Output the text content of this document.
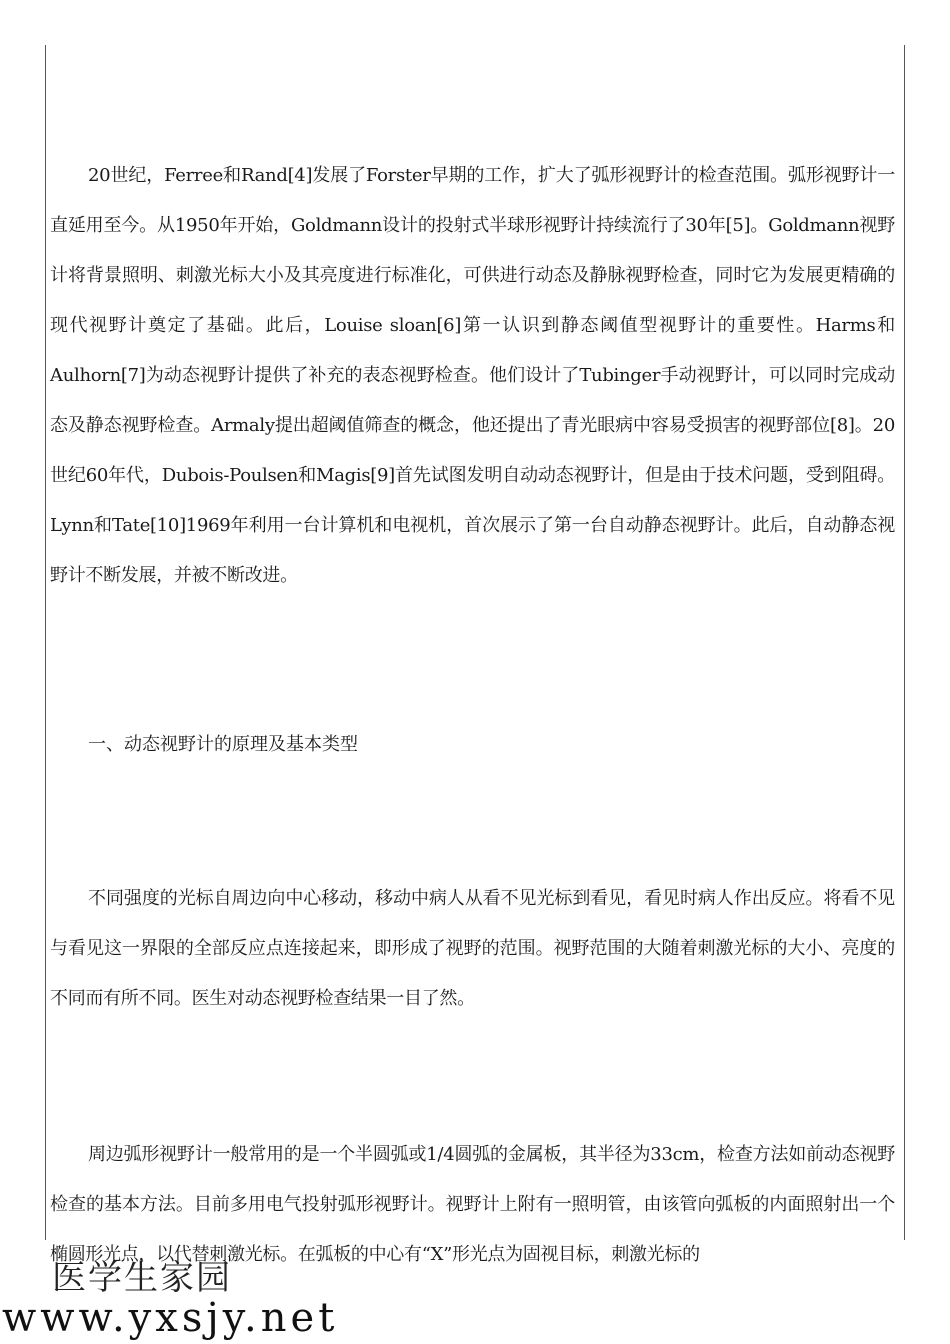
20世纪，Ferree和Rand[4]发展了Forster早期的工作，扩大了弧形视野计的检查范围。弧形视野计一直延用至今。从1950年开始，Goldmann设计的投射式半球形视野计持续流行了30年[5]。Goldmann视野计将背景照明、刺激光标大小及其亮度进行标准化，可供进行动态及静脉视野检查，同时它为发展更精确的现代视野计奠定了基础。此后，Louise sloan[6]第一认识到静态阈值型视野计的重要性。Harms和Aulhorn[7]为动态视野计提供了补充的表态视野检查。他们设计了Tubinger手动视野计，可以同时完成动态及静态视野检查。Armaly提出超阈值筛查的概念，他还提出了青光眼病中容易受损害的视野部位[8]。20世纪60年代，Dubois-Poulsen和Magis[9]首先试图发明自动动态视野计，但是由于技术问题，受到阻碍。Lynn和Tate[10]1969年利用一台计算机和电视机，首次展示了第一台自动静态视野计。此后，自动静态视野计不断发展，并被不断改进。

一、动态视野计的原理及基本类型

不同强度的光标自周边向中心移动，移动中病人从看不见光标到看见，看见时病人作出反应。将看不见与看见这一界限的全部反应点连接起来，即形成了视野的范围。视野范围的大随着刺激光标的大小、亮度的不同而有所不同。医生对动态视野检查结果一目了然。

周边弧形视野计一般常用的是一个半圆弧或1/4圆弧的金属板，其半径为33cm，检查方法如前动态视野检查的基本方法。目前多用电气投射弧形视野计。视野计上附有一照明管，由该管向弧板的内面照射出一个椭圆形光点，以代替刺激光标。在弧板的中心有“X”形光点为固视目标，刺激光标的

医学生家园
www.yxsjy.net
